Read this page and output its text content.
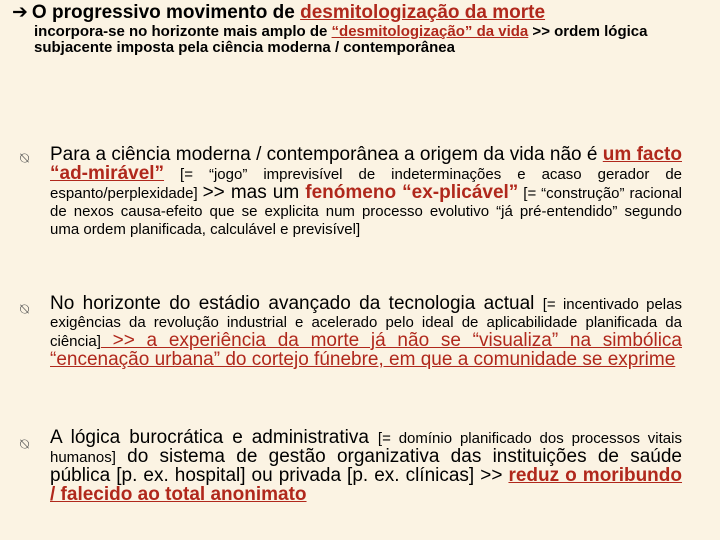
➔ O progressivo movimento de desmitologização da morte
incorpora-se no horizonte mais amplo de “desmitologização” da vida >> ordem lógica subjacente imposta pela ciência moderna / contemporânea
⍉ Para a ciência moderna / contemporânea a origem da vida não é um facto “ad-mirável” [= “jogo” imprevisível de indeterminações e acaso gerador de espanto/perplexidade] >> mas um fenómeno “ex-plicável” [= “construção” racional de nexos causa-efeito que se explicita num processo evolutivo “já pré-entendido” segundo uma ordem planificada, calculável e previsível]
⍉ No horizonte do estádio avançado da tecnologia actual [= incentivado pelas exigências da revolução industrial e acelerado pelo ideal de aplicabilidade planificada da ciência] >> a experiência da morte já não se “visualiza” na simbólica “encenação urbana” do cortejo fúnebre, em que a comunidade se exprime
⍉ A lógica burocrática e administrativa [= domínio planificado dos processos vitais humanos] do sistema de gestão organizativa das instituições de saúde pública [p. ex. hospital] ou privada [p. ex. clínicas] >> reduz o moribundo / falecido ao total anonimato
